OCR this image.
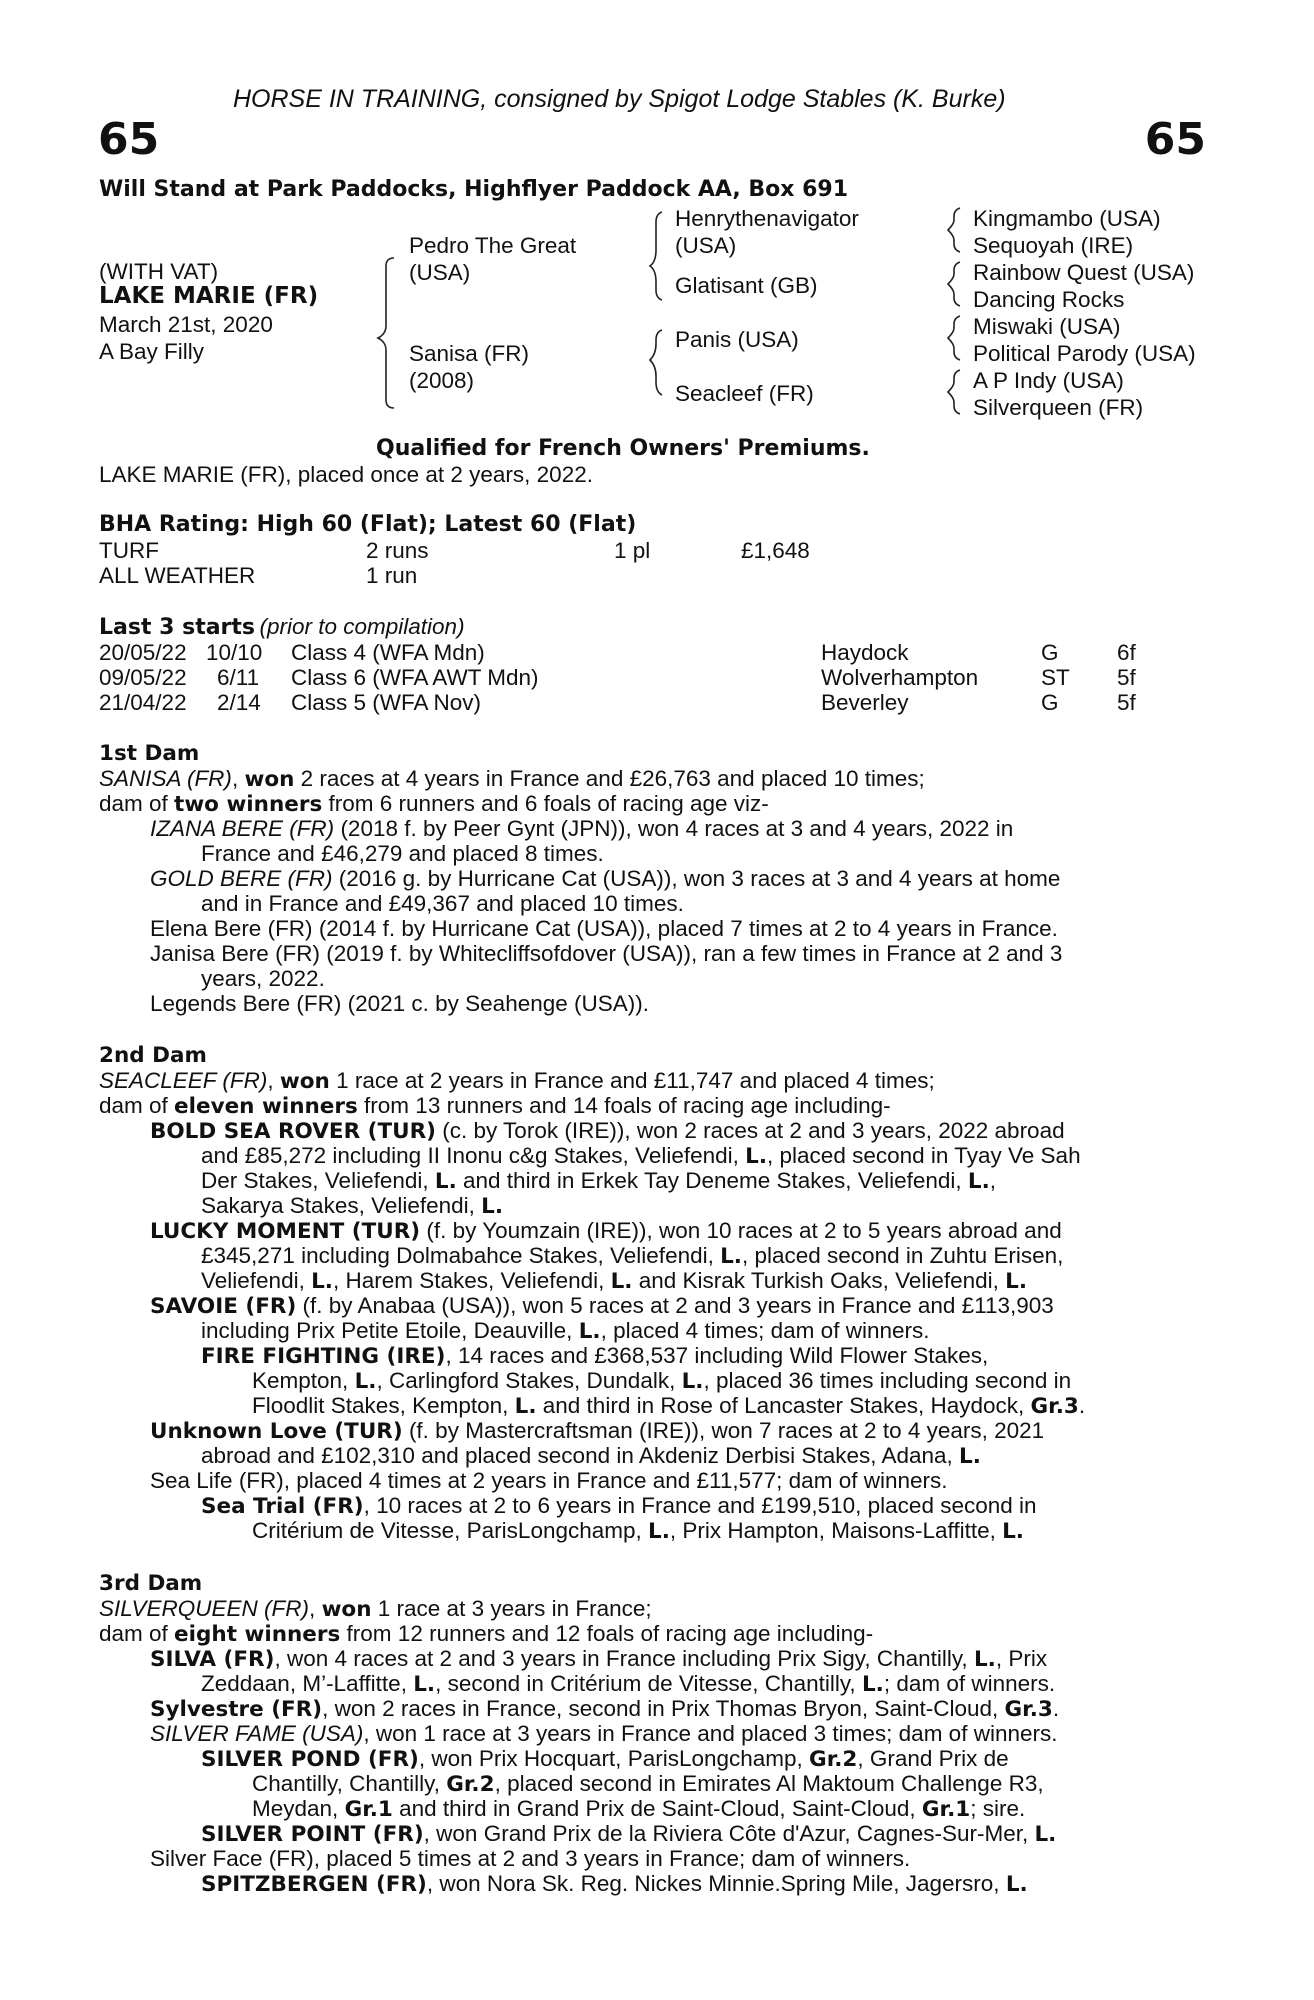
HORSE IN TRAINING, consigned by Spigot Lodge Stables (K. Burke)
65	65
Will Stand at Park Paddocks, Highflyer Paddock AA, Box 691
(WITH VAT)
LAKE MARIE (FR)
March 21st, 2020
A Bay Filly
Pedro The Great
(USA)
Sanisa (FR)
(2008)
Henrythenavigator
(USA)
Glatisant (GB)
Panis (USA)
Seacleef (FR)
Kingmambo (USA)
Sequoyah (IRE)
Rainbow Quest (USA)
Dancing Rocks
Miswaki (USA)
Political Parody (USA)
A P Indy (USA)
Silverqueen (FR)
Qualified for French Owners' Premiums.
LAKE MARIE (FR), placed once at 2 years, 2022.
BHA Rating: High 60 (Flat); Latest 60 (Flat)
TURF	2 runs	1 pl	£1,648
ALL WEATHER	1 run
Last 3 starts (prior to compilation)
20/05/22 10/10 Class 4 (WFA Mdn)	Haydock	G	6f
09/05/22 6/11 Class 6 (WFA AWT Mdn)	Wolverhampton	ST 5f
21/04/22 2/14 Class 5 (WFA Nov)	Beverley	G	5f
1st Dam
SANISA (FR), won 2 races at 4 years in France and £26,763 and placed 10 times;
dam of two winners from 6 runners and 6 foals of racing age viz-
IZANA BERE (FR) (2018 f. by Peer Gynt (JPN)), won 4 races at 3 and 4 years, 2022 in
France and £46,279 and placed 8 times.
GOLD BERE (FR) (2016 g. by Hurricane Cat (USA)), won 3 races at 3 and 4 years at home
and in France and £49,367 and placed 10 times.
Elena Bere (FR) (2014 f. by Hurricane Cat (USA)), placed 7 times at 2 to 4 years in France.
Janisa Bere (FR) (2019 f. by Whitecliffsofdover (USA)), ran a few times in France at 2 and 3
years, 2022.
Legends Bere (FR) (2021 c. by Seahenge (USA)).
2nd Dam
SEACLEEF (FR), won 1 race at 2 years in France and £11,747 and placed 4 times;
dam of eleven winners from 13 runners and 14 foals of racing age including-
BOLD SEA ROVER (TUR) (c. by Torok (IRE)), won 2 races at 2 and 3 years, 2022 abroad
and £85,272 including II Inonu c&g Stakes, Veliefendi, L., placed second in Tyay Ve Sah
Der Stakes, Veliefendi, L. and third in Erkek Tay Deneme Stakes, Veliefendi, L.,
Sakarya Stakes, Veliefendi, L.
LUCKY MOMENT (TUR) (f. by Youmzain (IRE)), won 10 races at 2 to 5 years abroad and
£345,271 including Dolmabahce Stakes, Veliefendi, L., placed second in Zuhtu Erisen,
Veliefendi, L., Harem Stakes, Veliefendi, L. and Kisrak Turkish Oaks, Veliefendi, L.
SAVOIE (FR) (f. by Anabaa (USA)), won 5 races at 2 and 3 years in France and £113,903
including Prix Petite Etoile, Deauville, L., placed 4 times; dam of winners.
FIRE FIGHTING (IRE), 14 races and £368,537 including Wild Flower Stakes,
Kempton, L., Carlingford Stakes, Dundalk, L., placed 36 times including second in
Floodlit Stakes, Kempton, L. and third in Rose of Lancaster Stakes, Haydock, Gr.3.
Unknown Love (TUR) (f. by Mastercraftsman (IRE)), won 7 races at 2 to 4 years, 2021
abroad and £102,310 and placed second in Akdeniz Derbisi Stakes, Adana, L.
Sea Life (FR), placed 4 times at 2 years in France and £11,577; dam of winners.
Sea Trial (FR), 10 races at 2 to 6 years in France and £199,510, placed second in
Critérium de Vitesse, ParisLongchamp, L., Prix Hampton, Maisons-Laffitte, L.
3rd Dam
SILVERQUEEN (FR), won 1 race at 3 years in France;
dam of eight winners from 12 runners and 12 foals of racing age including-
SILVA (FR), won 4 races at 2 and 3 years in France including Prix Sigy, Chantilly, L., Prix
Zeddaan, M’-Laffitte, L., second in Critérium de Vitesse, Chantilly, L.; dam of winners.
Sylvestre (FR), won 2 races in France, second in Prix Thomas Bryon, Saint-Cloud, Gr.3.
SILVER FAME (USA), won 1 race at 3 years in France and placed 3 times; dam of winners.
SILVER POND (FR), won Prix Hocquart, ParisLongchamp, Gr.2, Grand Prix de
Chantilly, Chantilly, Gr.2, placed second in Emirates Al Maktoum Challenge R3,
Meydan, Gr.1 and third in Grand Prix de Saint-Cloud, Saint-Cloud, Gr.1; sire.
SILVER POINT (FR), won Grand Prix de la Riviera Côte d'Azur, Cagnes-Sur-Mer, L.
Silver Face (FR), placed 5 times at 2 and 3 years in France; dam of winners.
SPITZBERGEN (FR), won Nora Sk. Reg. Nickes Minnie.Spring Mile, Jagersro, L.
